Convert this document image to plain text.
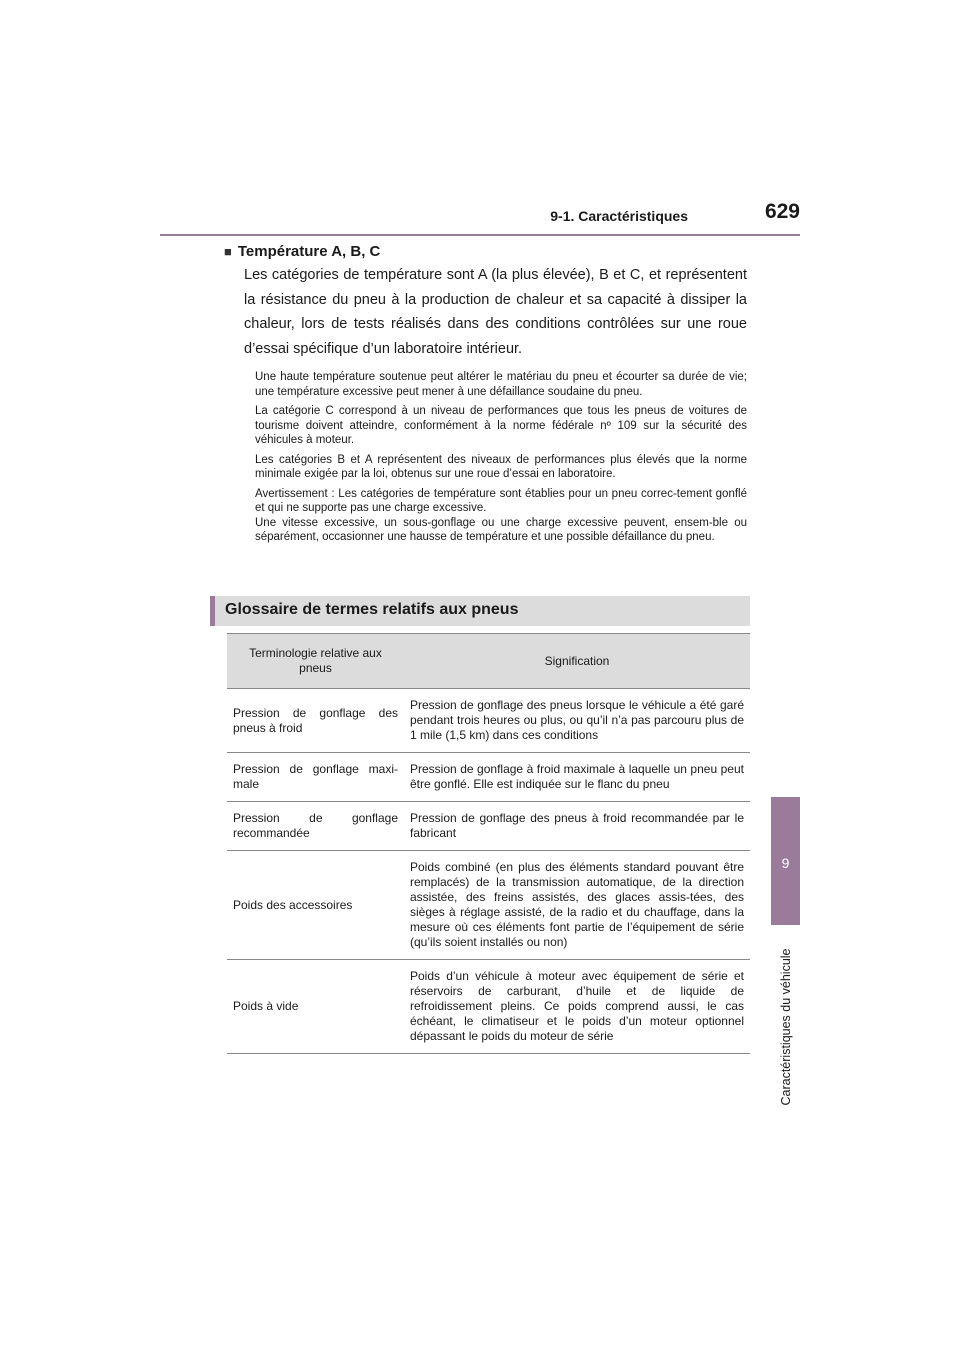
9-1. Caractéristiques	629
9
Caractéristiques du véhicule
■ Température A, B, C
Les catégories de température sont A (la plus élevée), B et C, et représentent la résistance du pneu à la production de chaleur et sa capacité à dissiper la chaleur, lors de tests réalisés dans des conditions contrôlées sur une roue d’essai spécifique d’un laboratoire intérieur.

Une haute température soutenue peut altérer le matériau du pneu et écourter sa durée de vie; une température excessive peut mener à une défaillance soudaine du pneu.

La catégorie C correspond à un niveau de performances que tous les pneus de voitures de tourisme doivent atteindre, conformément à la norme fédérale nº 109 sur la sécurité des véhicules à moteur.

Les catégories B et A représentent des niveaux de performances plus élevés que la norme minimale exigée par la loi, obtenus sur une roue d’essai en laboratoire.

Avertissement : Les catégories de température sont établies pour un pneu correc-tement gonflé et qui ne supporte pas une charge excessive.

Une vitesse excessive, un sous-gonflage ou une charge excessive peuvent, ensem-ble ou séparément, occasionner une hausse de température et une possible défaillance du pneu.

Glossaire de termes relatifs aux pneus
Terminologie relative aux pneus	Signification
Pression de gonflage des pneus à froid	Pression de gonflage des pneus lorsque le véhicule a été garé pendant trois heures ou plus, ou qu’il n’a pas parcouru plus de 1 mile (1,5 km) dans ces conditions
Pression de gonflage maxi-male	Pression de gonflage à froid maximale à laquelle un pneu peut être gonflé. Elle est indiquée sur le flanc du pneu
Pression de gonflage recommandée	Pression de gonflage des pneus à froid recommandée par le fabricant
Poids des accessoires	Poids combiné (en plus des éléments standard pouvant être remplacés) de la transmission automatique, de la direction assistée, des freins assistés, des glaces assis-tées, des sièges à réglage assisté, de la radio et du chauffage, dans la mesure où ces éléments font partie de l’équipement de série (qu’ils soient installés ou non)
Poids à vide	Poids d’un véhicule à moteur avec équipement de série et réservoirs de carburant, d’huile et de liquide de refroidissement pleins. Ce poids comprend aussi, le cas échéant, le climatiseur et le poids d’un moteur optionnel dépassant le poids du moteur de série
